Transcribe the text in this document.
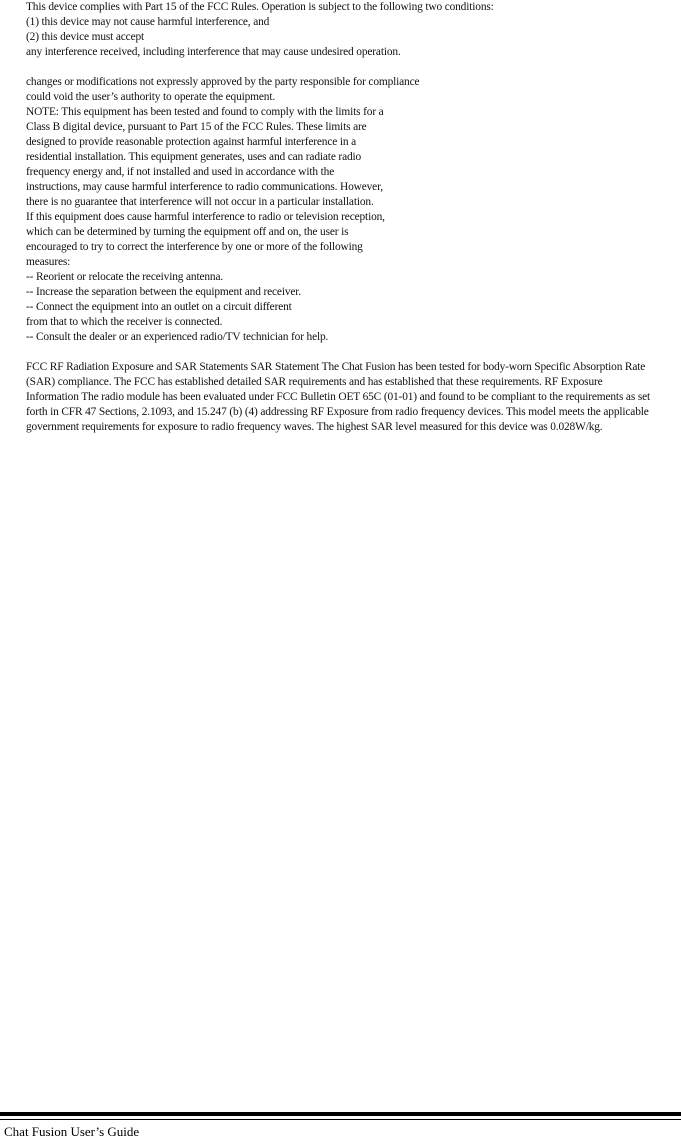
This device complies with Part 15 of the FCC Rules. Operation is subject to the following two conditions:
(1) this device may not cause harmful interference, and
(2) this device must accept
any interference received, including interference that may cause undesired operation.
changes or modifications not expressly approved by the party responsible for compliance
could void the user’s authority to operate the equipment.
NOTE: This equipment has been tested and found to comply with the limits for a
Class B digital device, pursuant to Part 15 of the FCC Rules. These limits are
designed to provide reasonable protection against harmful interference in a
residential installation. This equipment generates, uses and can radiate radio
frequency energy and, if not installed and used in accordance with the
instructions, may cause harmful interference to radio communications. However,
there is no guarantee that interference will not occur in a particular installation.
If this equipment does cause harmful interference to radio or television reception,
which can be determined by turning the equipment off and on, the user is
encouraged to try to correct the interference by one or more of the following
measures:
-- Reorient or relocate the receiving antenna.
-- Increase the separation between the equipment and receiver.
-- Connect the equipment into an outlet on a circuit different
from that to which the receiver is connected.
-- Consult the dealer or an experienced radio/TV technician for help.
FCC RF Radiation Exposure and SAR Statements SAR Statement The Chat Fusion has been tested for body-worn Specific Absorption Rate (SAR) compliance. The FCC has established detailed SAR requirements and has established that these requirements. RF Exposure Information The radio module has been evaluated under FCC Bulletin OET 65C (01-01) and found to be compliant to the requirements as set forth in CFR 47 Sections, 2.1093, and 15.247 (b) (4) addressing RF Exposure from radio frequency devices. This model meets the applicable government requirements for exposure to radio frequency waves. The highest SAR level measured for this device was 0.028W/kg.
Chat Fusion User’s Guide
